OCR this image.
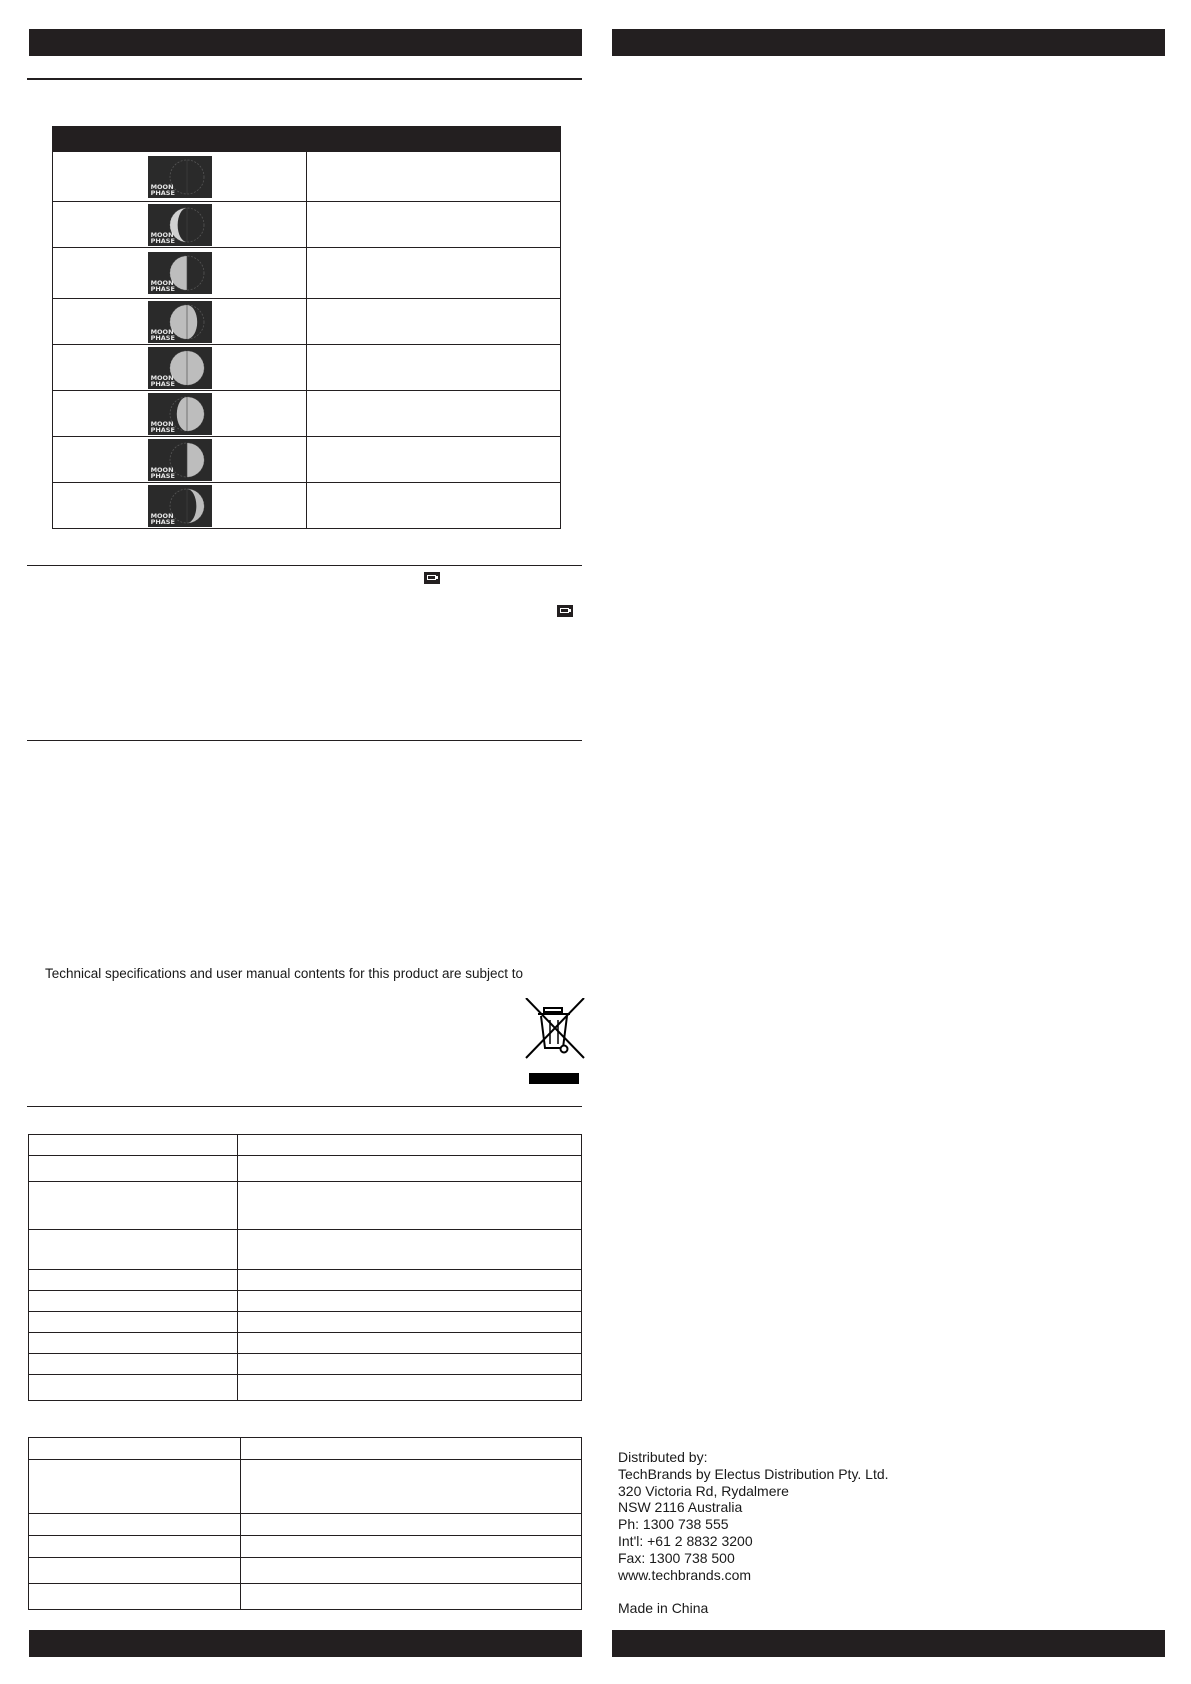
MOON
PHASE	

MOON
PHASE	

MOON
PHASE	

MOON
PHASE	

MOON
PHASE	

MOON
PHASE	

MOON
PHASE	

MOON
PHASE	

Technical specifications and user manual contents for this product are subject to

Distributed by:
TechBrands by Electus Distribution Pty. Ltd.
320 Victoria Rd, Rydalmere
NSW 2116 Australia
Ph: 1300 738 555
Int'l: +61 2 8832 3200
Fax: 1300 738 500
www.techbrands.com
Made in China
